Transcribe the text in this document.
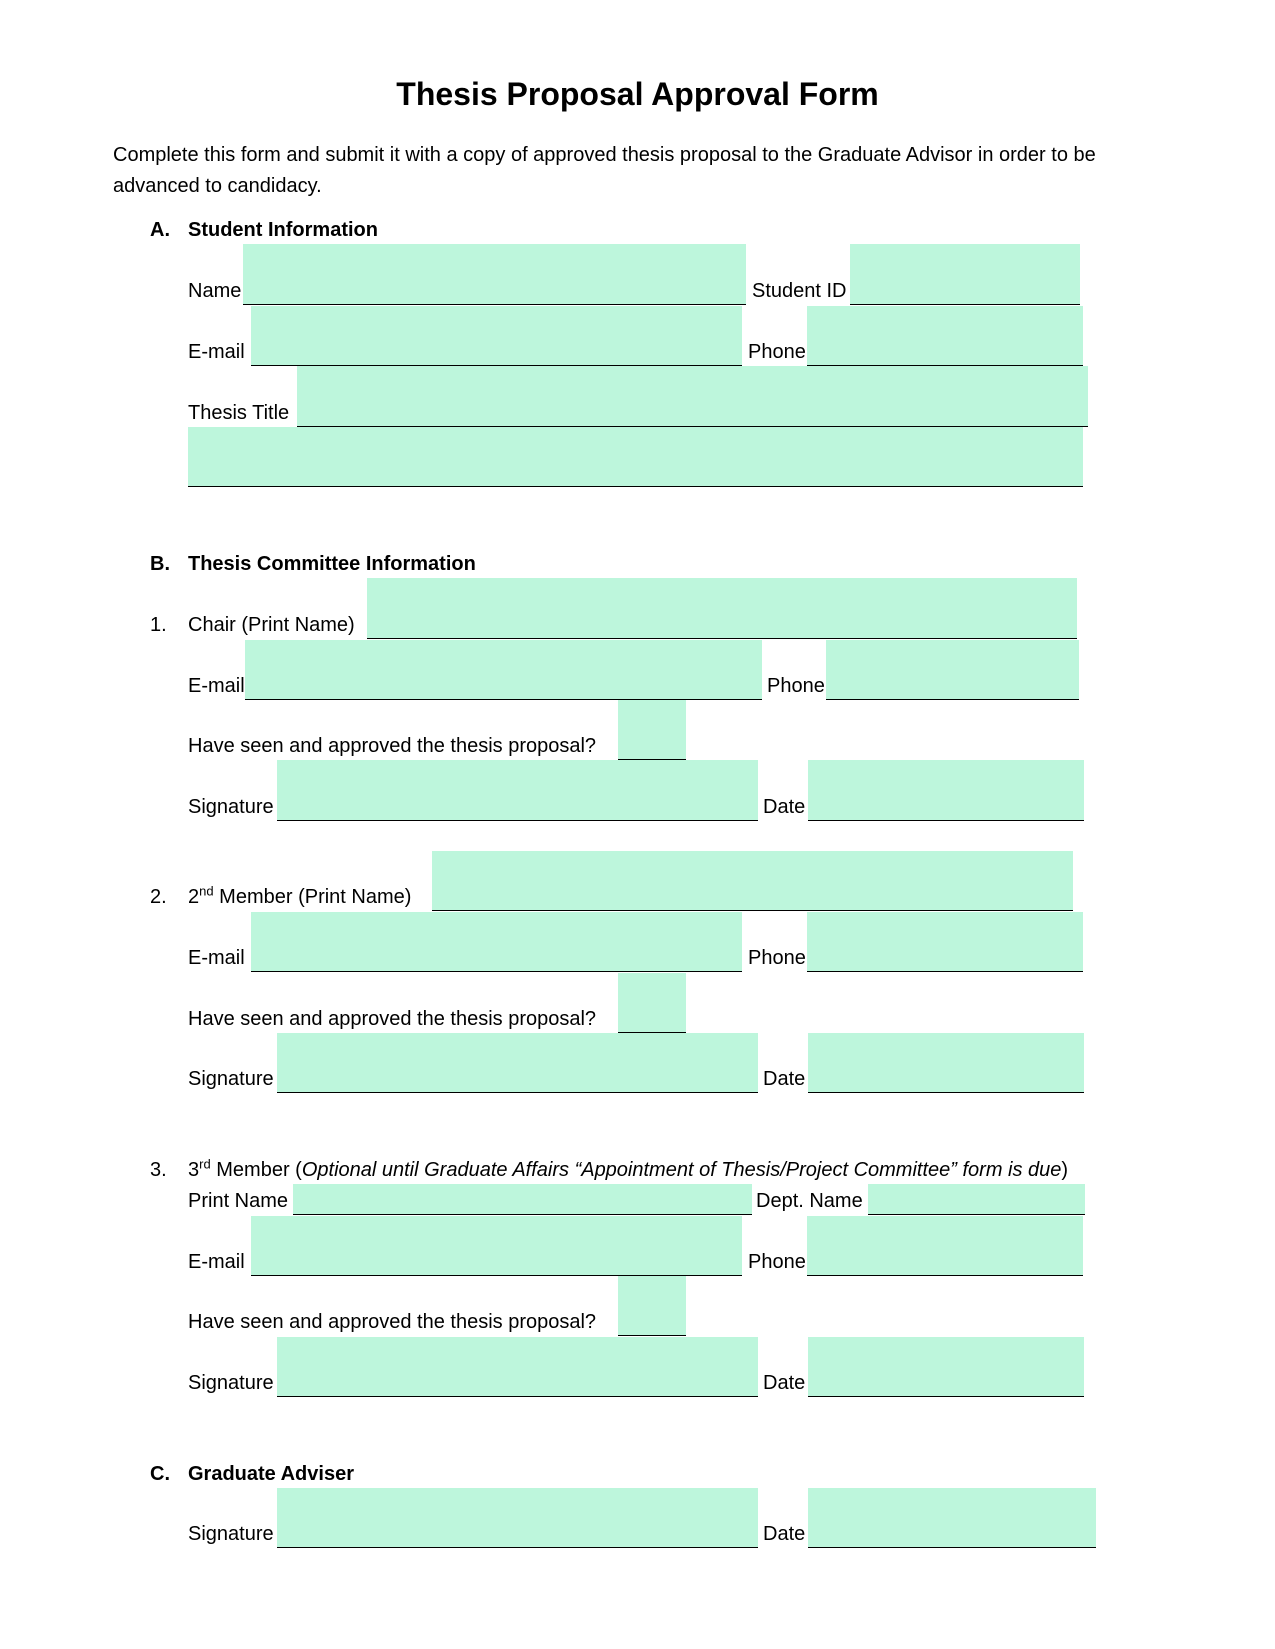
Thesis Proposal Approval Form
Complete this form and submit it with a copy of approved thesis proposal to the Graduate Advisor in order to be advanced to candidacy.
A. Student Information
Name	Student ID
E-mail	Phone
Thesis Title
B. Thesis Committee Information
1. Chair (Print Name)
E-mail	Phone
Have seen and approved the thesis proposal?
Signature	Date
2. 2nd Member (Print Name)
E-mail	Phone
Have seen and approved the thesis proposal?
Signature	Date
3. 3rd Member (Optional until Graduate Affairs “Appointment of Thesis/Project Committee” form is due)
Print Name	Dept. Name
E-mail	Phone
Have seen and approved the thesis proposal?
Signature	Date
C. Graduate Adviser
Signature	Date
